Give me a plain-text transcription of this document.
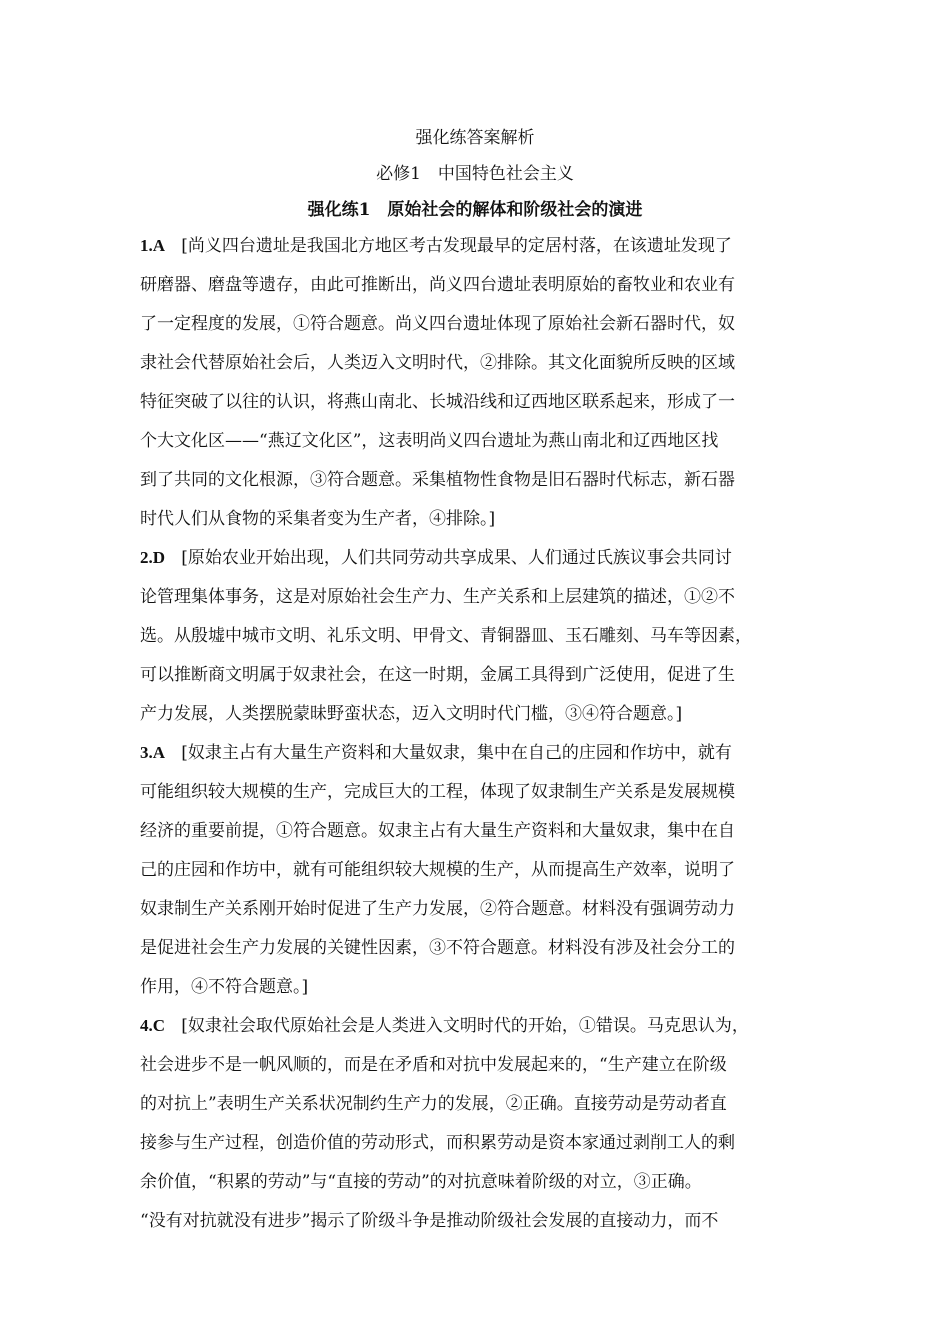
强化练答案解析
必修1　中国特色社会主义
强化练1　原始社会的解体和阶级社会的演进
1.A [尚义四台遗址是我国北方地区考古发现最早的定居村落，在该遗址发现了
研磨器、磨盘等遗存，由此可推断出，尚义四台遗址表明原始的畜牧业和农业有
了一定程度的发展，①符合题意。尚义四台遗址体现了原始社会新石器时代，奴
隶社会代替原始社会后，人类迈入文明时代，②排除。其文化面貌所反映的区域
特征突破了以往的认识，将燕山南北、长城沿线和辽西地区联系起来，形成了一
个大文化区——“燕辽文化区”，这表明尚义四台遗址为燕山南北和辽西地区找
到了共同的文化根源，③符合题意。采集植物性食物是旧石器时代标志，新石器
时代人们从食物的采集者变为生产者，④排除。]
2.D [原始农业开始出现，人们共同劳动共享成果、人们通过氏族议事会共同讨
论管理集体事务，这是对原始社会生产力、生产关系和上层建筑的描述，①②不
选。从殷墟中城市文明、礼乐文明、甲骨文、青铜器皿、玉石雕刻、马车等因素，
可以推断商文明属于奴隶社会，在这一时期，金属工具得到广泛使用，促进了生
产力发展，人类摆脱蒙昧野蛮状态，迈入文明时代门槛，③④符合题意。]
3.A [奴隶主占有大量生产资料和大量奴隶，集中在自己的庄园和作坊中，就有
可能组织较大规模的生产，完成巨大的工程，体现了奴隶制生产关系是发展规模
经济的重要前提，①符合题意。奴隶主占有大量生产资料和大量奴隶，集中在自
己的庄园和作坊中，就有可能组织较大规模的生产，从而提高生产效率，说明了
奴隶制生产关系刚开始时促进了生产力发展，②符合题意。材料没有强调劳动力
是促进社会生产力发展的关键性因素，③不符合题意。材料没有涉及社会分工的
作用，④不符合题意。]
4.C [奴隶社会取代原始社会是人类进入文明时代的开始，①错误。马克思认为，
社会进步不是一帆风顺的，而是在矛盾和对抗中发展起来的，“生产建立在阶级
的对抗上”表明生产关系状况制约生产力的发展，②正确。直接劳动是劳动者直
接参与生产过程，创造价值的劳动形式，而积累劳动是资本家通过剥削工人的剩
余价值，“积累的劳动”与“直接的劳动”的对抗意味着阶级的对立，③正确。
“没有对抗就没有进步”揭示了阶级斗争是推动阶级社会发展的直接动力，而不
